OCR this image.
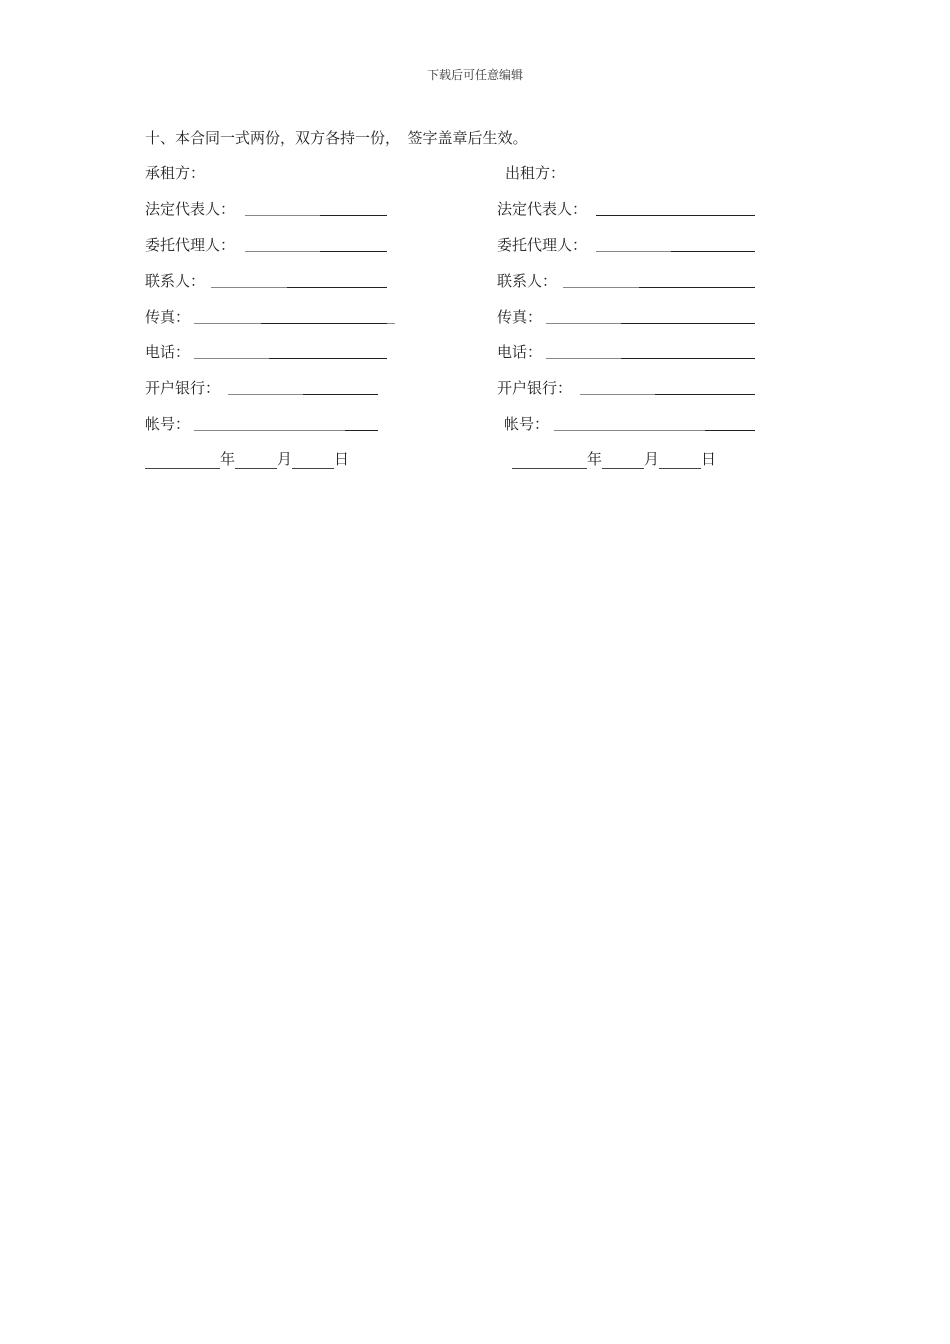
下载后可任意编辑
十、本合同一式两份，双方各持一份，　签字盖章后生效。
承租方：
法定代表人：
委托代理人：
联系人：
传真：
电话：
开户银行：
帐号：
年	月	日
出租方：
法定代表人：
委托代理人：
联系人：
传真：
电话：
开户银行：
帐号：
年	月	日
